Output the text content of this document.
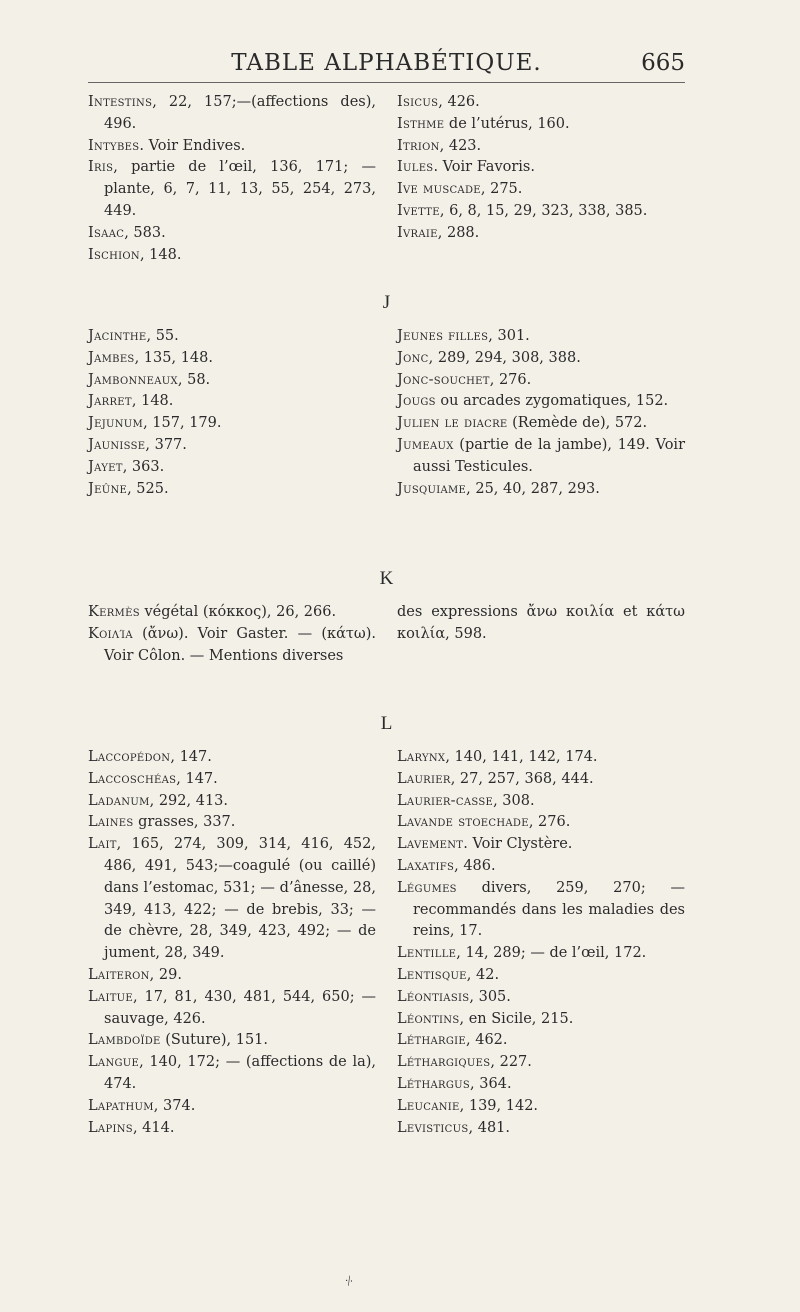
TABLE ALPHABÉTIQUE.	665
Intestins, 22, 157;—(affections des), 496.
Intybes. Voir Endives.
Iris, partie de l’œil, 136, 171; — plante, 6, 7, 11, 13, 55, 254, 273, 449.
Isaac, 583.
Ischion, 148.
Isicus, 426.
Isthme de l’utérus, 160.
Itrion, 423.
Iules. Voir Favoris.
Ive muscade, 275.
Ivette, 6, 8, 15, 29, 323, 338, 385.
Ivraie, 288.
J
Jacinthe, 55.
Jambes, 135, 148.
Jambonneaux, 58.
Jarret, 148.
Jejunum, 157, 179.
Jaunisse, 377.
Jayet, 363.
Jeûne, 525.
Jeunes filles, 301.
Jonc, 289, 294, 308, 388.
Jonc-souchet, 276.
Jougs ou arcades zygomatiques, 152.
Julien le diacre (Remède de), 572.
Jumeaux (partie de la jambe), 149. Voir aussi Testicules.
Jusquiame, 25, 40, 287, 293.
K
Kermès végétal (κόκκος), 26, 266.
Κοιλία (ἄνω). Voir Gaster. — (κάτω). Voir Côlon. — Mentions diverses
des expressions ἄνω κοιλία et κάτω κοιλία, 598.
L
Laccopédon, 147.
Laccoschéas, 147.
Ladanum, 292, 413.
Laines grasses, 337.
Lait, 165, 274, 309, 314, 416, 452, 486, 491, 543;—coagulé (ou caillé) dans l’estomac, 531; — d’ânesse, 28, 349, 413, 422; — de brebis, 33; — de chèvre, 28, 349, 423, 492; — de jument, 28, 349.
Laiteron, 29.
Laitue, 17, 81, 430, 481, 544, 650; — sauvage, 426.
Lambdoïde (Suture), 151.
Langue, 140, 172; — (affections de la), 474.
Lapathum, 374.
Lapins, 414.
Larynx, 140, 141, 142, 174.
Laurier, 27, 257, 368, 444.
Laurier-casse, 308.
Lavande stoechade, 276.
Lavement. Voir Clystère.
Laxatifs, 486.
Légumes divers, 259, 270; — recommandés dans les maladies des reins, 17.
Lentille, 14, 289; — de l’œil, 172.
Lentisque, 42.
Léontiasis, 305.
Léontins, en Sicile, 215.
Léthargie, 462.
Léthargiques, 227.
Léthargus, 364.
Leucanie, 139, 142.
Levisticus, 481.
⸓
